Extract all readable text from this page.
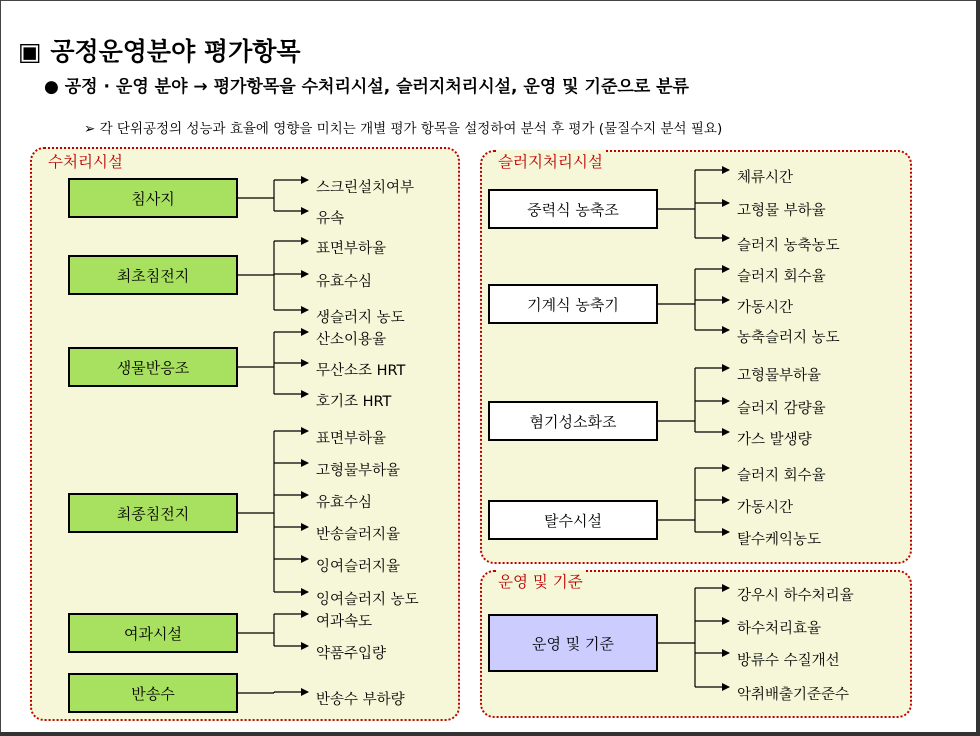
▣ 공정운영분야 평가항목
● 공정 · 운영 분야 → 평가항목을 수처리시설, 슬러지처리시설, 운영 및 기준으로 분류
➢ 각 단위공정의 성능과 효율에 영향을 미치는 개별 평가 항목을 설정하여 분석 후 평가 (물질수지 분석 필요)
수처리시설	슬러지처리시설
운영 및 기준
침사지
스크린설치여부
유속
최초침전지
표면부하율
유효수심
생슬러지 농도
생물반응조
산소이용율
무산소조 HRT
호기조 HRT
최종침전지
표면부하율
고형물부하율
유효수심
반송슬러지율
잉여슬러지율
잉여슬러지 농도
여과시설
여과속도
약품주입량
반송수	반송수 부하량
중력식 농축조
체류시간
고형물 부하율
슬러지 농축농도
기계식 농축기
슬러지 회수율
가동시간
농축슬러지 농도
혐기성소화조
고형물부하율
슬러지 감량율
가스 발생량
탈수시설
슬러지 회수율
가동시간
탈수케익농도
운영 및 기준
강우시 하수처리율
하수처리효율
방류수 수질개선
악취배출기준준수
